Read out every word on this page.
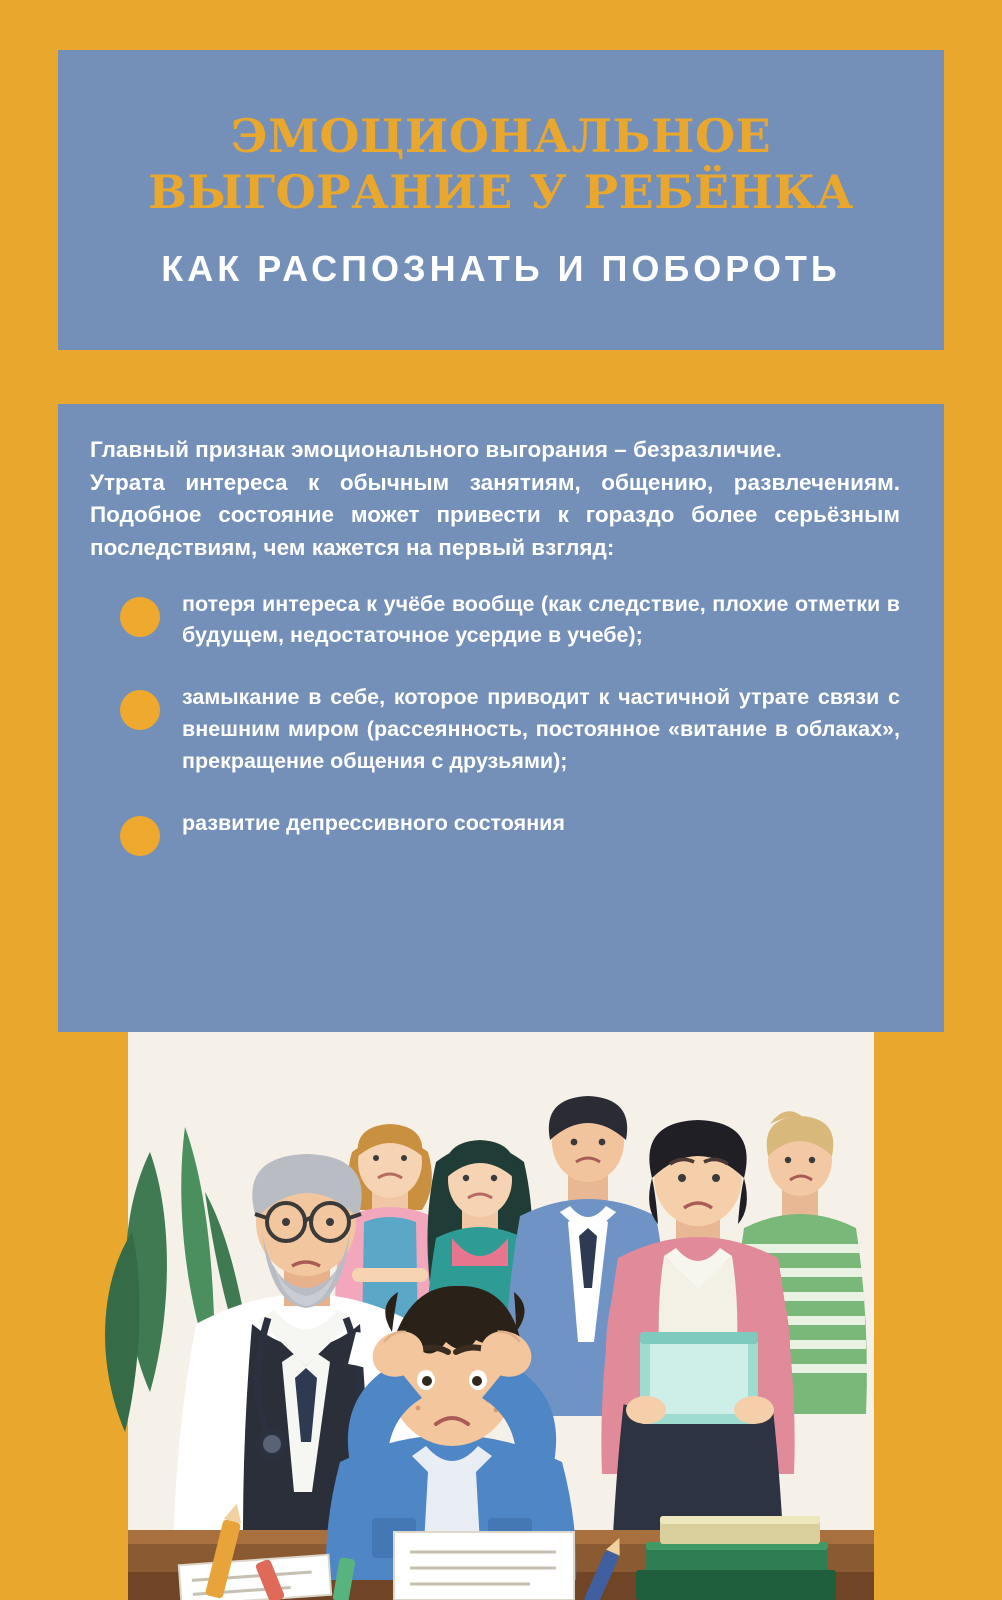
ЭМОЦИОНАЛЬНОЕ ВЫГОРАНИЕ У РЕБЁНКА
КАК РАСПОЗНАТЬ И ПОБОРОТЬ

Главный признак эмоционального выгорания – безразличие.

Утрата интереса к обычным занятиям, общению, развлечениям. Подобное состояние может привести к гораздо более серьёзным последствиям, чем кажется на первый взгляд:

потеря интереса к учёбе вообще (как следствие, плохие отметки в будущем, недостаточное усердие в учебе);
замыкание в себе, которое приводит к частичной утрате связи с внешним миром (рассеянность, постоянное «витание в облаках», прекращение общения с друзьями);
развитие депрессивного состояния
